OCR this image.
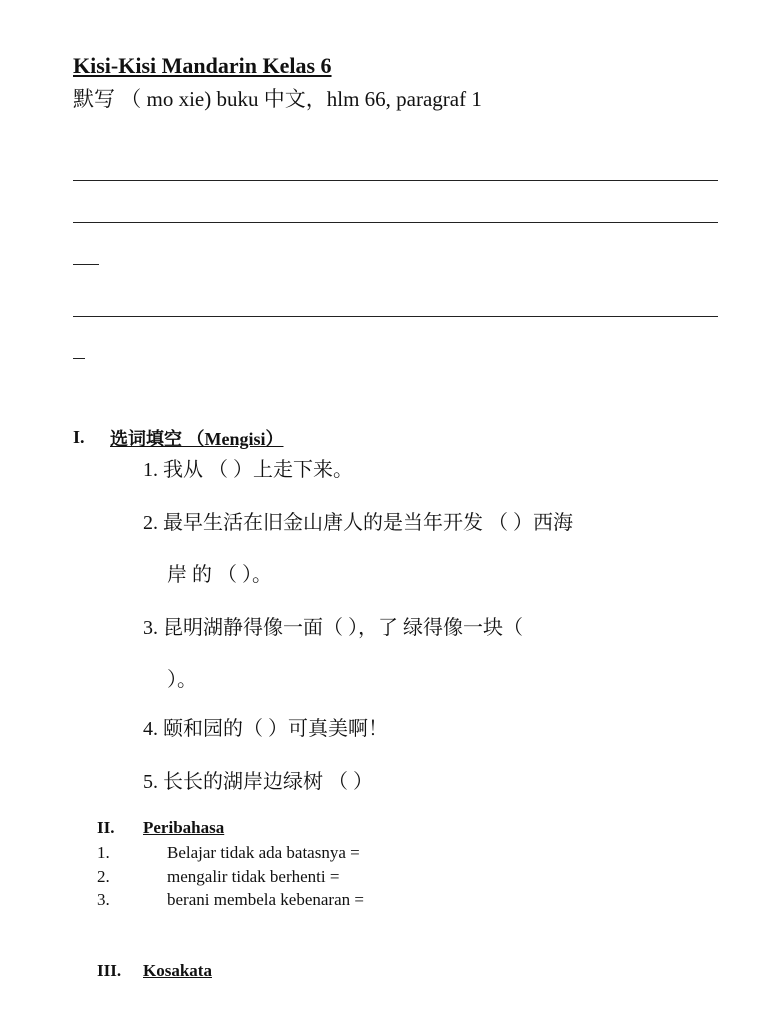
Kisi-Kisi Mandarin Kelas 6
默写 （ mo xie) buku 中文，hlm 66, paragraf 1
I. 选词填空 （Mengisi）
1. 我从 （ ）上走下来。
2. 最早生活在旧金山唐人的是当年开发 （ ）西海
岸 的 （ ）。
3. 昆明湖静得像一面（ ），了 绿得像一块（
）。
4. 颐和园的（ ）可真美啊！
5. 长长的湖岸边绿树 （ ）
II. Peribahasa
1.	Belajar tidak ada batasnya =
2.	mengalir tidak berhenti =
3.	berani membela kebenaran =
III. Kosakata
